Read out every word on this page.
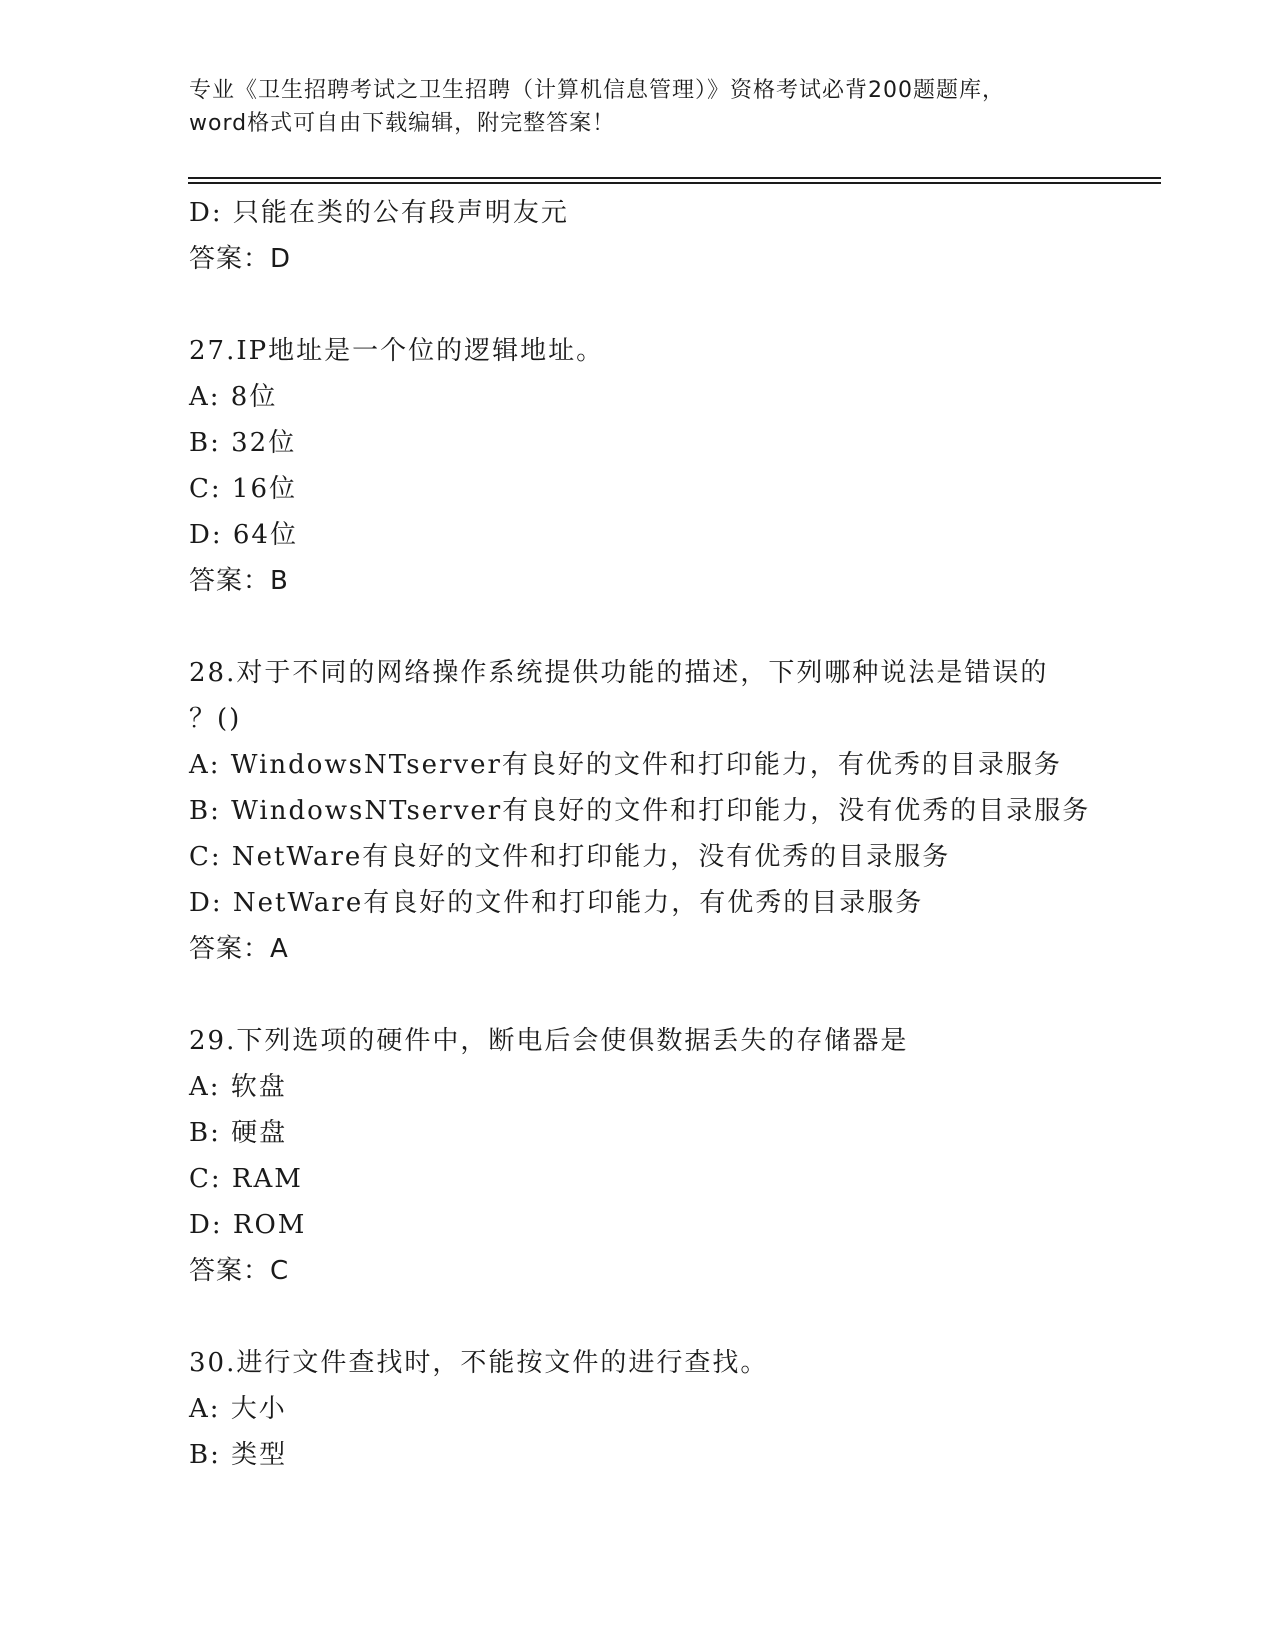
专业《卫生招聘考试之卫生招聘（计算机信息管理）》资格考试必背200题题库，
word格式可自由下载编辑，附完整答案！
D: 只能在类的公有段声明友元
答案：D
27.IP地址是一个位的逻辑地址。
A: 8位
B: 32位
C: 16位
D: 64位
答案：B
28.对于不同的网络操作系统提供功能的描述，下列哪种说法是错误的
？()
A: WindowsNTserver有良好的文件和打印能力，有优秀的目录服务
B: WindowsNTserver有良好的文件和打印能力，没有优秀的目录服务
C: NetWare有良好的文件和打印能力，没有优秀的目录服务
D: NetWare有良好的文件和打印能力，有优秀的目录服务
答案：A
29.下列选项的硬件中，断电后会使俱数据丢失的存储器是
A: 软盘
B: 硬盘
C: RAM
D: ROM
答案：C
30.进行文件查找时，不能按文件的进行查找。
A: 大小
B: 类型
